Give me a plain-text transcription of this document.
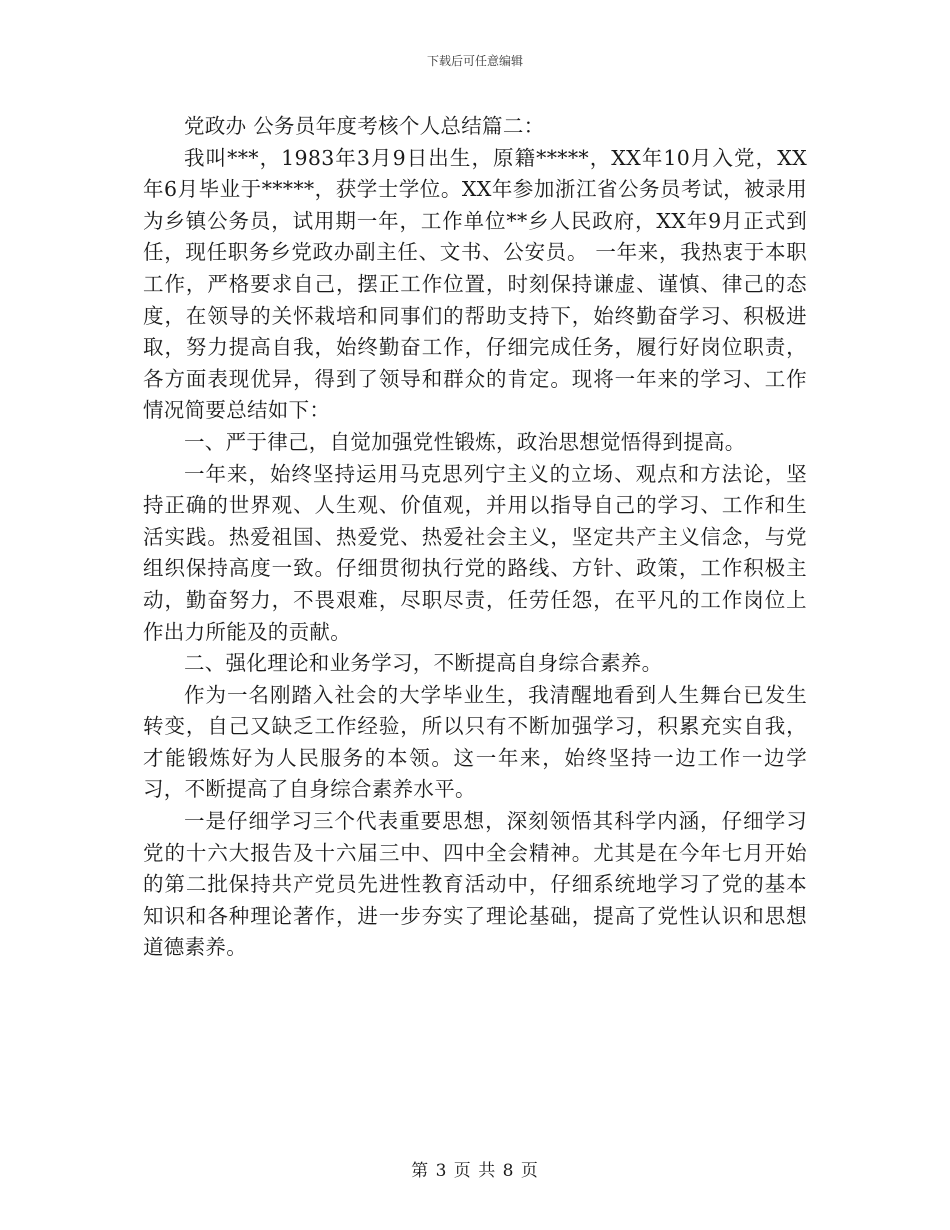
下载后可任意编辑

党政办 公务员年度考核个人总结篇二：

我叫***，1983年3月9日出生，原籍*****，XX年10月入党，XX年6月毕业于*****，获学士学位。XX年参加浙江省公务员考试，被录用为乡镇公务员，试用期一年，工作单位**乡人民政府，XX年9月正式到任，现任职务乡党政办副主任、文书、公安员。 一年来，我热衷于本职工作，严格要求自己，摆正工作位置，时刻保持谦虚、谨慎、律己的态度，在领导的关怀栽培和同事们的帮助支持下，始终勤奋学习、积极进取，努力提高自我，始终勤奋工作，仔细完成任务，履行好岗位职责，各方面表现优异，得到了领导和群众的肯定。现将一年来的学习、工作情况简要总结如下：

一、严于律己，自觉加强党性锻炼，政治思想觉悟得到提高。

一年来，始终坚持运用马克思列宁主义的立场、观点和方法论，坚持正确的世界观、人生观、价值观，并用以指导自己的学习、工作和生活实践。热爱祖国、热爱党、热爱社会主义，坚定共产主义信念，与党组织保持高度一致。仔细贯彻执行党的路线、方针、政策，工作积极主动，勤奋努力，不畏艰难，尽职尽责，任劳任怨，在平凡的工作岗位上作出力所能及的贡献。

二、强化理论和业务学习，不断提高自身综合素养。

作为一名刚踏入社会的大学毕业生，我清醒地看到人生舞台已发生转变，自己又缺乏工作经验，所以只有不断加强学习，积累充实自我，才能锻炼好为人民服务的本领。这一年来，始终坚持一边工作一边学习，不断提高了自身综合素养水平。

一是仔细学习三个代表重要思想，深刻领悟其科学内涵，仔细学习党的十六大报告及十六届三中、四中全会精神。尤其是在今年七月开始的第二批保持共产党员先进性教育活动中，仔细系统地学习了党的基本知识和各种理论著作，进一步夯实了理论基础，提高了党性认识和思想道德素养。

第 3 页 共 8 页
